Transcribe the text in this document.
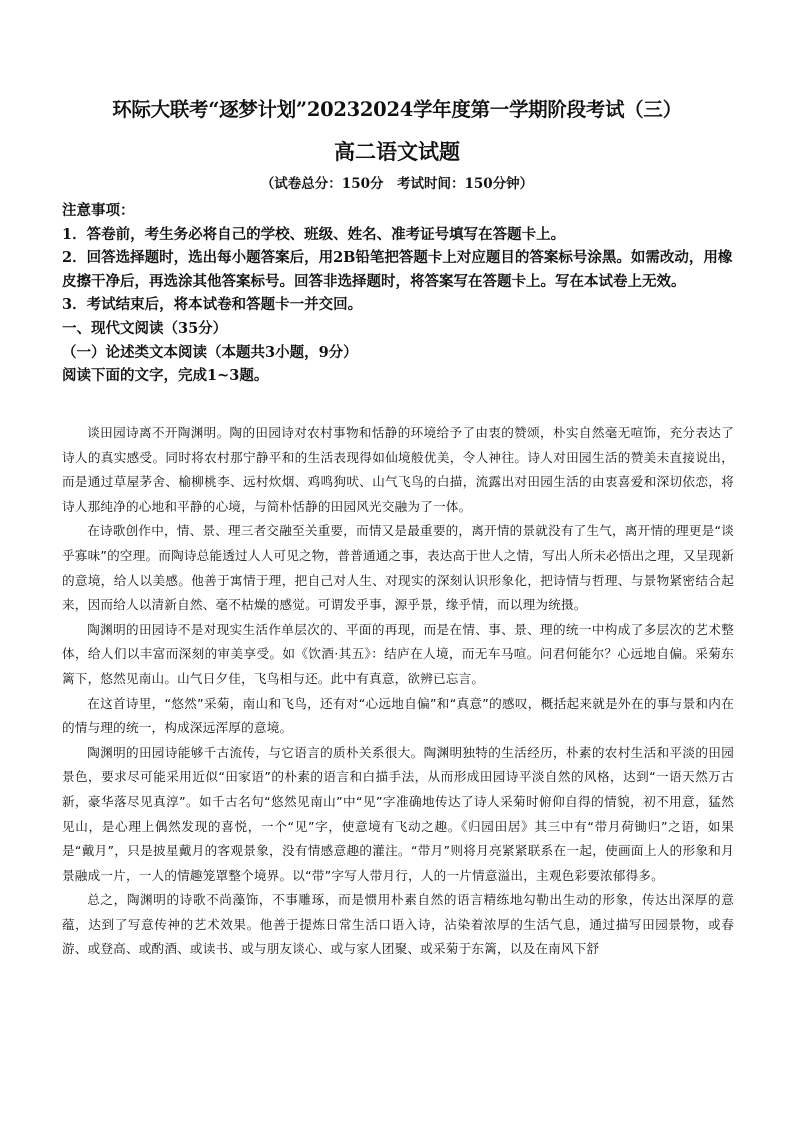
环际大联考“逐梦计划”20232024学年度第一学期阶段考试（三）
高二语文试题
（试卷总分：150分　考试时间：150分钟）

注意事项：

1．答卷前，考生务必将自己的学校、班级、姓名、准考证号填写在答题卡上。

2．回答选择题时，选出每小题答案后，用2B铅笔把答题卡上对应题目的答案标号涂黑。如需改动，用橡皮擦干净后，再选涂其他答案标号。回答非选择题时，将答案写在答题卡上。写在本试卷上无效。

3．考试结束后，将本试卷和答题卡一并交回。

一、现代文阅读（35分）

（一）论述类文本阅读（本题共3小题，9分）

阅读下面的文字，完成1~3题。

谈田园诗离不开陶渊明。陶的田园诗对农村事物和恬静的环境给予了由衷的赞颂，朴实自然毫无喧饰，充分表达了诗人的真实感受。同时将农村那宁静平和的生活表现得如仙境般优美，令人神往。诗人对田园生活的赞美未直接说出，而是通过草屋茅舍、榆柳桃李、远村炊烟、鸡鸣狗吠、山气飞鸟的白描，流露出对田园生活的由衷喜爱和深切依恋，将诗人那纯净的心地和平静的心境，与简朴恬静的田园风光交融为了一体。

在诗歌创作中，情、景、理三者交融至关重要，而情又是最重要的，离开情的景就没有了生气，离开情的理更是“谈乎寡味”的空理。而陶诗总能透过人人可见之物，普普通通之事，表达高于世人之情，写出人所未必悟出之理，又呈现新的意境，给人以美感。他善于寓情于理，把自己对人生、对现实的深刻认识形象化，把诗情与哲理、与景物紧密结合起来，因而给人以清新自然、毫不枯燥的感觉。可谓发乎事，源乎景，缘乎情，而以理为统摄。

陶渊明的田园诗不是对现实生活作单层次的、平面的再现，而是在情、事、景、理的统一中构成了多层次的艺术整体，给人们以丰富而深刻的审美享受。如《饮酒·其五》：结庐在人境，而无车马喧。问君何能尔？心远地自偏。采菊东篱下，悠然见南山。山气日夕佳，飞鸟相与还。此中有真意，欲辨已忘言。

在这首诗里，“悠然”采菊，南山和飞鸟，还有对“心远地自偏”和“真意”的感叹，概括起来就是外在的事与景和内在的情与理的统一，构成深远浑厚的意境。

陶渊明的田园诗能够千古流传，与它语言的质朴关系很大。陶渊明独特的生活经历，朴素的农村生活和平淡的田园景色，要求尽可能采用近似“田家语”的朴素的语言和白描手法，从而形成田园诗平淡自然的风格，达到“一语天然万古新，豪华落尽见真淳”。如千古名句“悠然见南山”中“见”字准确地传达了诗人采菊时俯仰自得的情貌，初不用意，猛然见山，是心理上偶然发现的喜悦，一个“见”字，使意境有飞动之趣。《归园田居》其三中有“带月荷锄归”之语，如果是“戴月”，只是披星戴月的客观景象，没有情感意趣的灌注。“带月”则将月亮紧紧联系在一起，使画面上人的形象和月景融成一片，一人的情趣笼罩整个境界。以“带”字写人带月行，人的一片情意溢出，主观色彩要浓郁得多。

总之，陶渊明的诗歌不尚藻饰，不事雕琢，而是惯用朴素自然的语言精练地勾勒出生动的形象，传达出深厚的意蕴，达到了写意传神的艺术效果。他善于提炼日常生活口语入诗，沾染着浓厚的生活气息，通过描写田园景物，或春游、或登高、或酌酒、或读书、或与朋友谈心、或与家人团聚、或采菊于东篱，以及在南风下舒
